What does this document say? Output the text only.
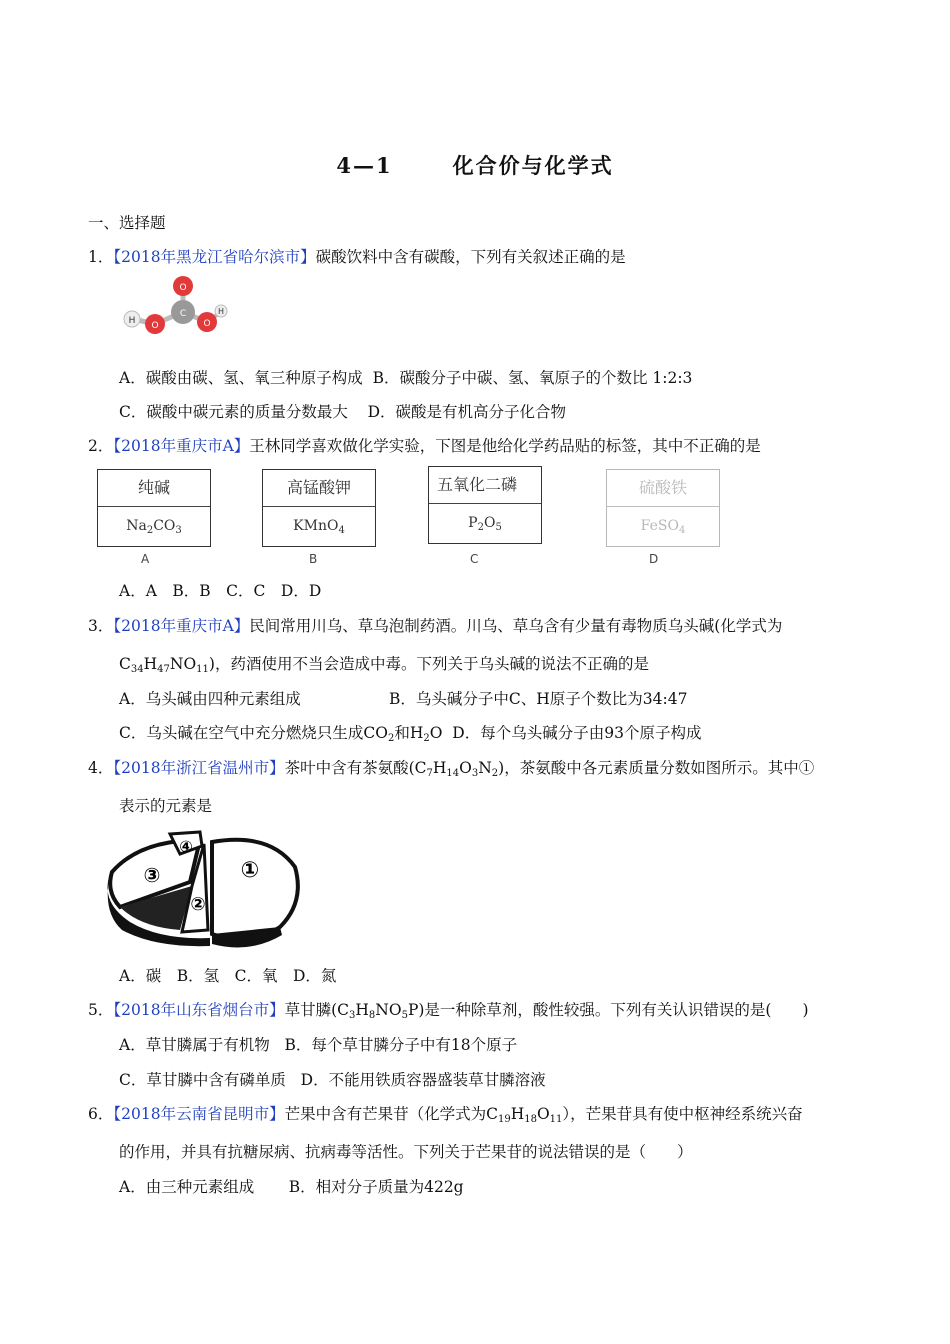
4—1	化合价与化学式
一、选择题
1．【2018年黑龙江省哈尔滨市】碳酸饮料中含有碳酸，下列有关叙述正确的是
H O
C
O
O
H
A．碳酸由碳、氢、氧三种原子构成 B．碳酸分子中碳、氢、氧原子的个数比 1:2:3
C．碳酸中碳元素的质量分数最大 D．碳酸是有机高分子化合物
2．【2018年重庆市A】王林同学喜欢做化学实验，下图是他给化学药品贴的标签，其中不正确的是
纯碱
$Na_2CO_3$
A
高锰酸钾
KMnO$_4$
B
五氧化二磷
$P_2O_5$
C
硫酸铁
FeSO$_4$
D
A．A　B．B　C．C　D．D
3．【2018年重庆市A】民间常用川乌、草乌泡制药酒。川乌、草乌含有少量有毒物质乌头碱(化学式为
$C_{34}H_{47}NO_{11}$)，药酒使用不当会造成中毒。下列关于乌头碱的说法不正确的是
A．乌头碱由四种元素组成	B．乌头碱分子中C、H原子个数比为34:47
C．乌头碱在空气中充分燃烧只生成$CO_2$和$H_2O$ D．每个乌头碱分子由93个原子构成
4．【2018年浙江省温州市】茶叶中含有茶氨酸$(C_7H_{14}O_3N_2)$，茶氨酸中各元素质量分数如图所示。其中①
表示的元素是
①
②
③
④
A．碳　B．氢　C．氧　D．氮
5．【2018年山东省烟台市】草甘膦$(C_3H_8NO_5P)$是一种除草剂，酸性较强。下列有关认识错误的是(　　)
A．草甘膦属于有机物 B．每个草甘膦分子中有18个原子
C．草甘膦中含有磷单质 D．不能用铁质容器盛装草甘膦溶液
6．【2018年云南省昆明市】芒果中含有芒果苷（化学式为$C_{19}H_{18}O_{11}$），芒果苷具有使中枢神经系统兴奋
的作用，并具有抗糖尿病、抗病毒等活性。下列关于芒果苷的说法错误的是（　　）
A．由三种元素组成 B．相对分子质量为422g
